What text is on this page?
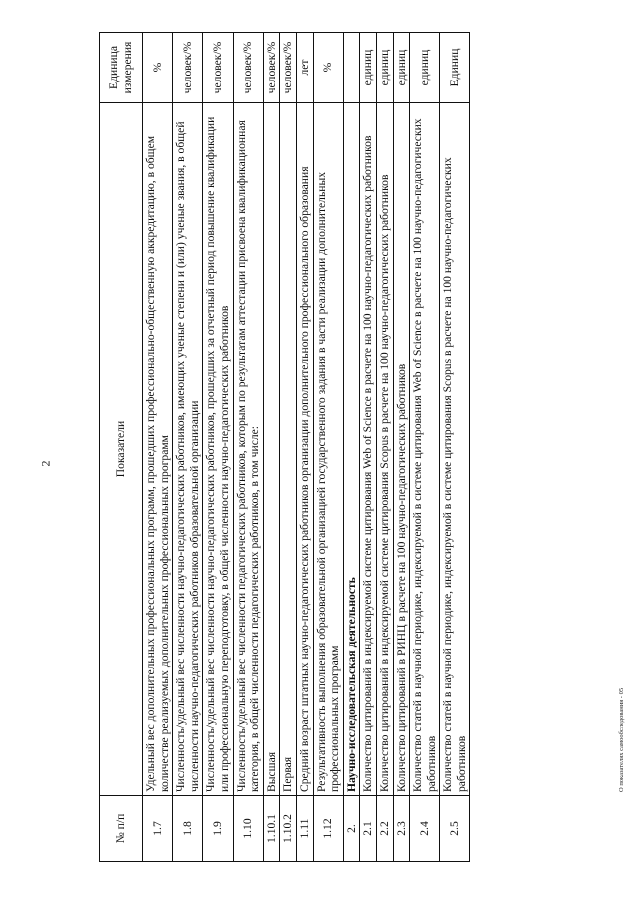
2
№ п/п	Показатели	Единица измерения
1.7	Удельный вес дополнительных профессиональных программ, прошедших профессионально-общественную аккредитацию, в общем количестве реализуемых дополнительных профессиональных программ	%
1.8	Численность/удельный вес численности научно-педагогических работников, имеющих ученые степени и (или) ученые звания, в общей численности научно-педагогических работников образовательной организации	человек/%
1.9	Численность/удельный вес численности научно-педагогических работников, прошедших за отчетный период повышение квалификации или профессиональную переподготовку, в общей численности научно-педагогических работников	человек/%
1.10	Численность/удельный вес численности педагогических работников, которым по результатам аттестации присвоена квалификационная категория, в общей численности педагогических работников, в том числе:	человек/%
1.10.1	Высшая	человек/%
1.10.2	Первая	человек/%
1.11	Средний возраст штатных научно-педагогических работников организации дополнительного профессионального образования	лет
1.12	Результативность выполнения образовательной организацией государственного задания в части реализации дополнительных профессиональных программ	%
2.	Научно-исследовательская деятельность	
2.1	Количество цитирований в индексируемой системе цитирования Web of Science в расчете на 100 научно-педагогических работников	единиц
2.2	Количество цитирований в индексируемой системе цитирования Scopus в расчете на 100 научно-педагогических работников	единиц
2.3	Количество цитирований в РИНЦ в расчете на 100 научно-педагогических работников	единиц
2.4	Количество статей в научной периодике, индексируемой в системе цитирования Web of Science в расчете на 100 научно-педагогических работников	единиц
2.5	Количество статей в научной периодике, индексируемой в системе цитирования Scopus в расчете на 100 научно-педагогических работников	Единиц
О показателях самообследования - 05
